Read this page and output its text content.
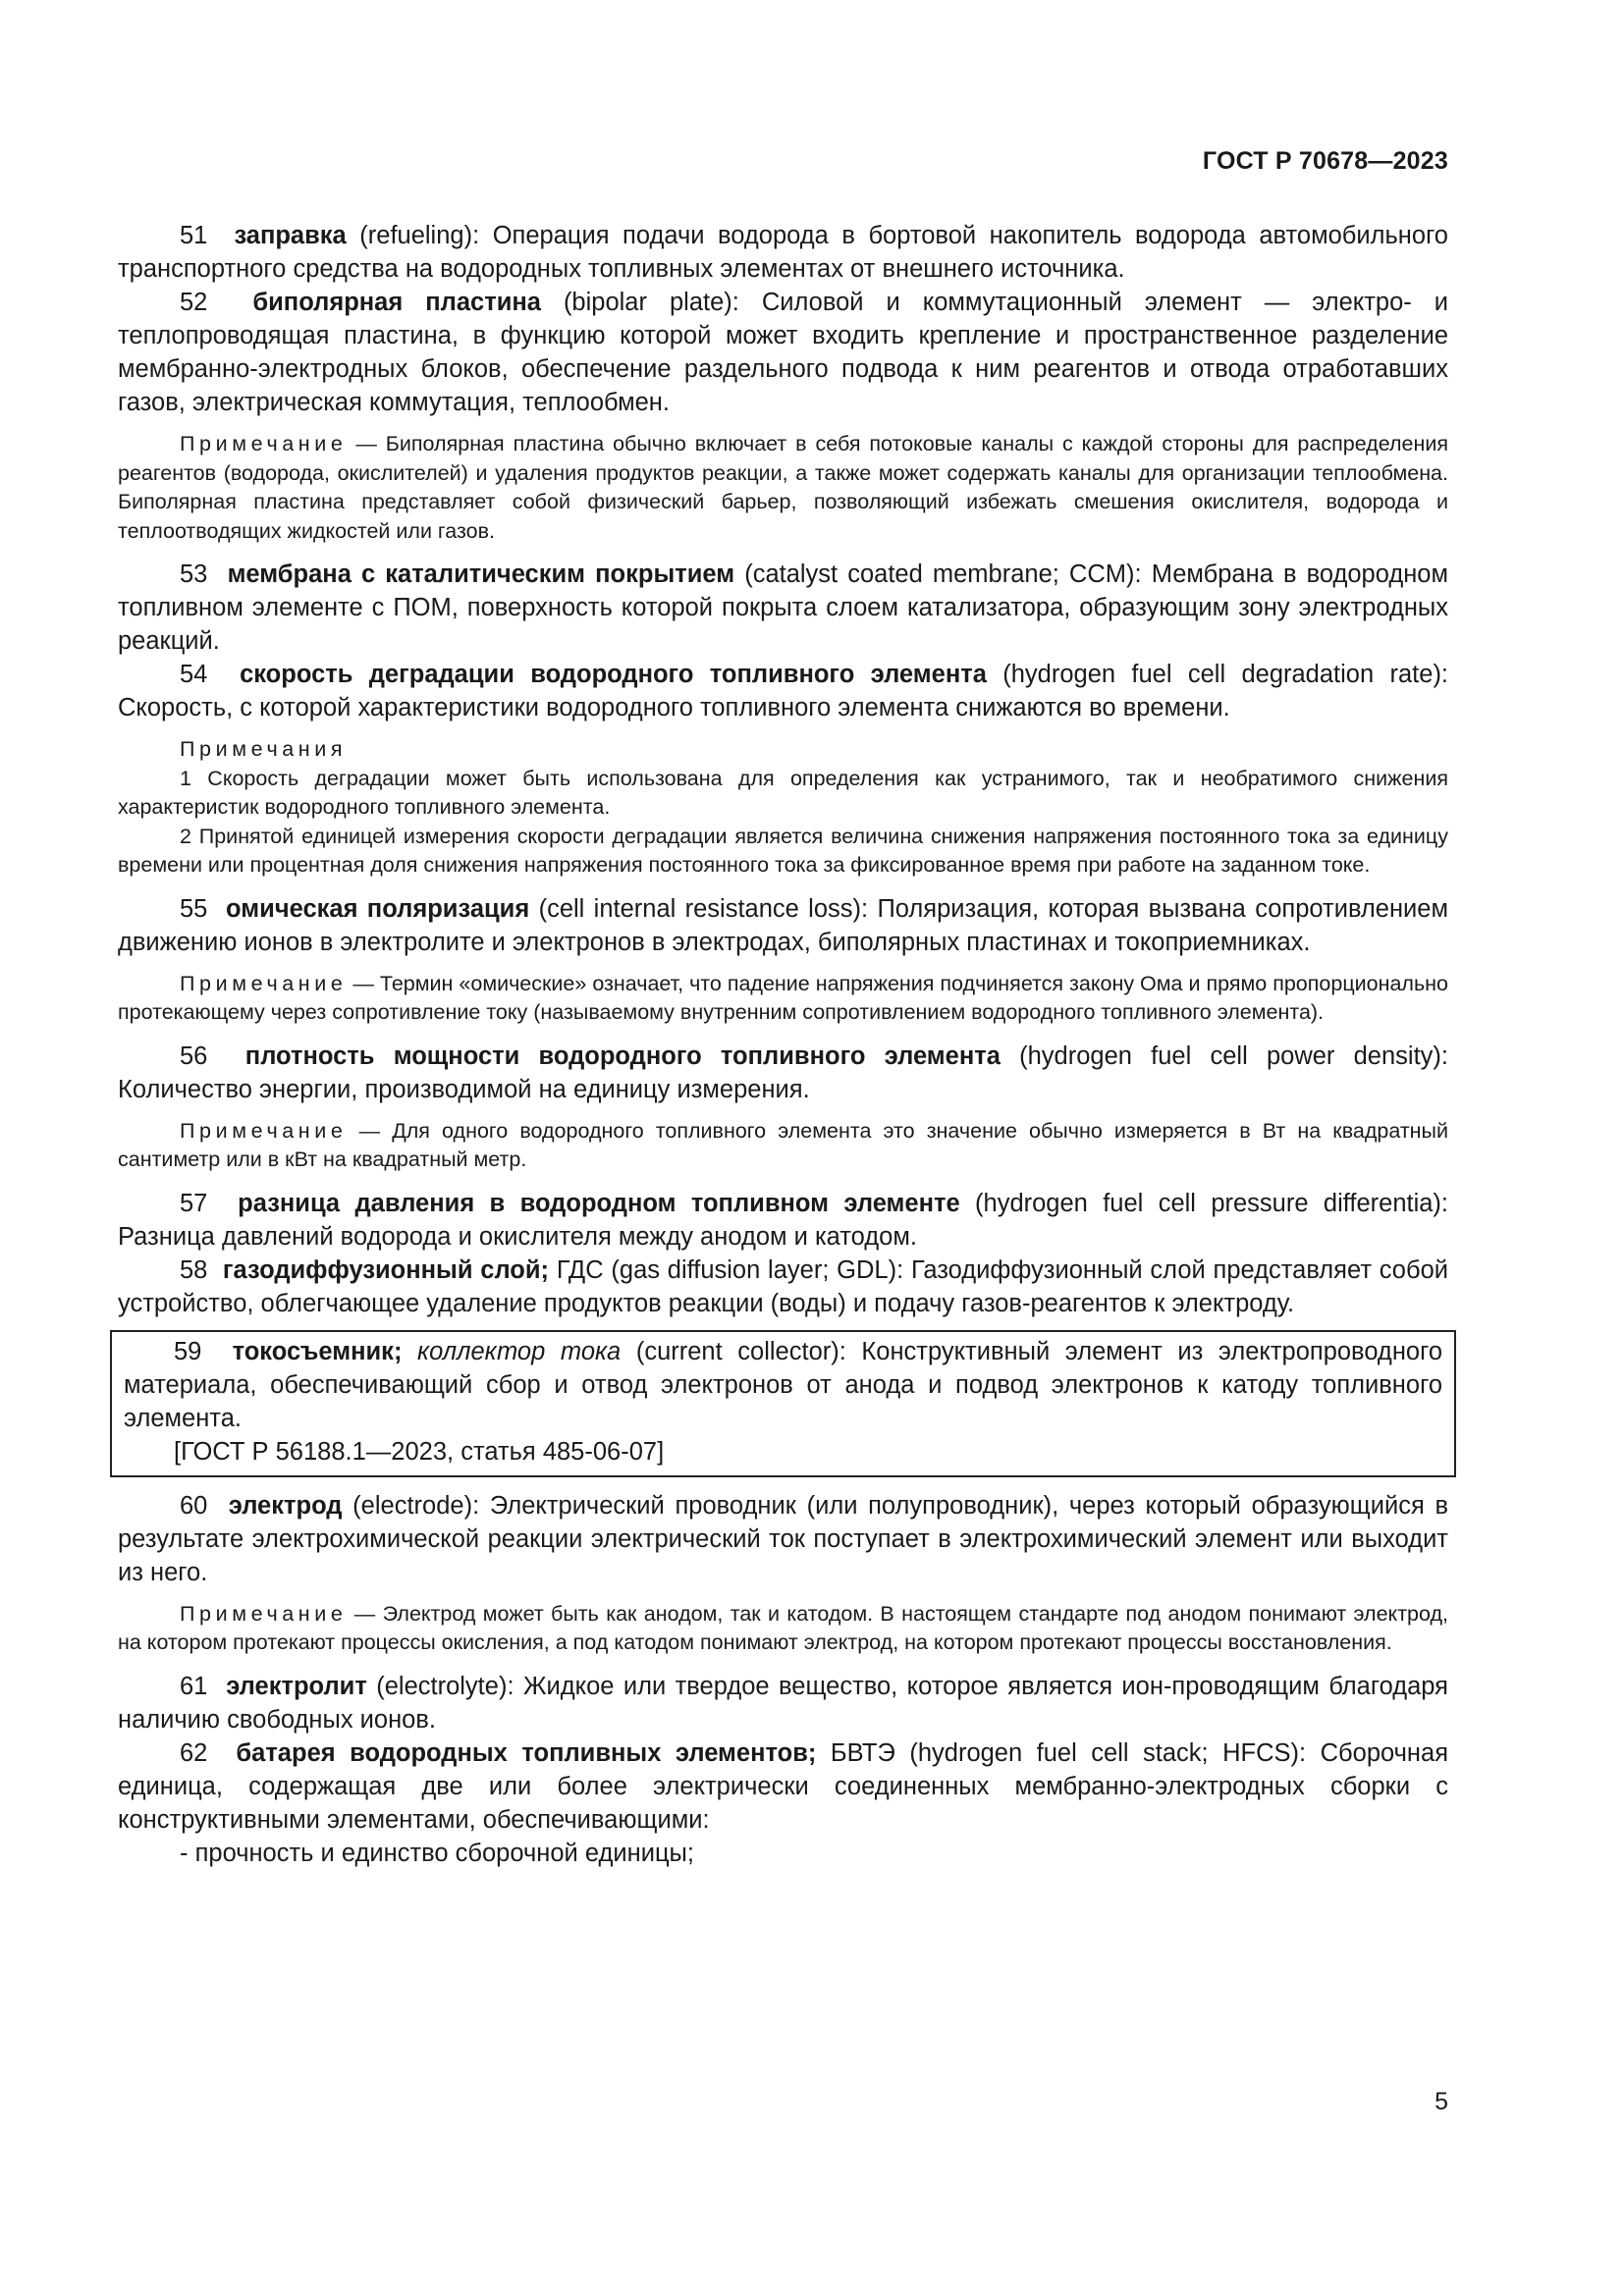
ГОСТ Р 70678—2023

51 заправка (refueling): Операция подачи водорода в бортовой накопитель водорода автомобильного транспортного средства на водородных топливных элементах от внешнего источника.

52 биполярная пластина (bipolar plate): Силовой и коммутационный элемент — электро- и теплопроводящая пластина, в функцию которой может входить крепление и пространственное разделение мембранно-электродных блоков, обеспечение раздельного подвода к ним реагентов и отвода отработавших газов, электрическая коммутация, теплообмен.

Примечание — Биполярная пластина обычно включает в себя потоковые каналы с каждой стороны для распределения реагентов (водорода, окислителей) и удаления продуктов реакции, а также может содержать каналы для организации теплообмена. Биполярная пластина представляет собой физический барьер, позволяющий избежать смешения окислителя, водорода и теплоотводящих жидкостей или газов.

53 мембрана с каталитическим покрытием (catalyst coated membrane; CCM): Мембрана в водородном топливном элементе с ПОМ, поверхность которой покрыта слоем катализатора, образующим зону электродных реакций.

54 скорость деградации водородного топливного элемента (hydrogen fuel cell degradation rate): Скорость, с которой характеристики водородного топливного элемента снижаются во времени.

Примечания

1 Скорость деградации может быть использована для определения как устранимого, так и необратимого снижения характеристик водородного топливного элемента.

2 Принятой единицей измерения скорости деградации является величина снижения напряжения постоянного тока за единицу времени или процентная доля снижения напряжения постоянного тока за фиксированное время при работе на заданном токе.

55 омическая поляризация (cell internal resistance loss): Поляризация, которая вызвана сопротивлением движению ионов в электролите и электронов в электродах, биполярных пластинах и токоприемниках.

Примечание — Термин «омические» означает, что падение напряжения подчиняется закону Ома и прямо пропорционально протекающему через сопротивление току (называемому внутренним сопротивлением водородного топливного элемента).

56 плотность мощности водородного топливного элемента (hydrogen fuel cell power density): Количество энергии, производимой на единицу измерения.

Примечание — Для одного водородного топливного элемента это значение обычно измеряется в Вт на квадратный сантиметр или в кВт на квадратный метр.

57 разница давления в водородном топливном элементе (hydrogen fuel cell pressure differentia): Разница давлений водорода и окислителя между анодом и катодом.

58 газодиффузионный слой; ГДС (gas diffusion layer; GDL): Газодиффузионный слой представляет собой устройство, облегчающее удаление продуктов реакции (воды) и подачу газов-реагентов к электроду.

59 токосъемник; коллектор тока (current collector): Конструктивный элемент из электропроводного материала, обеспечивающий сбор и отвод электронов от анода и подвод электронов к катоду топливного элемента.

[ГОСТ Р 56188.1—2023, статья 485-06-07]

60 электрод (electrode): Электрический проводник (или полупроводник), через который образующийся в результате электрохимической реакции электрический ток поступает в электрохимический элемент или выходит из него.

Примечание — Электрод может быть как анодом, так и катодом. В настоящем стандарте под анодом понимают электрод, на котором протекают процессы окисления, а под катодом понимают электрод, на котором протекают процессы восстановления.

61 электролит (electrolyte): Жидкое или твердое вещество, которое является ион-проводящим благодаря наличию свободных ионов.

62 батарея водородных топливных элементов; БВТЭ (hydrogen fuel cell stack; HFCS): Сборочная единица, содержащая две или более электрически соединенных мембранно-электродных сборки с конструктивными элементами, обеспечивающими:

- прочность и единство сборочной единицы;

5
